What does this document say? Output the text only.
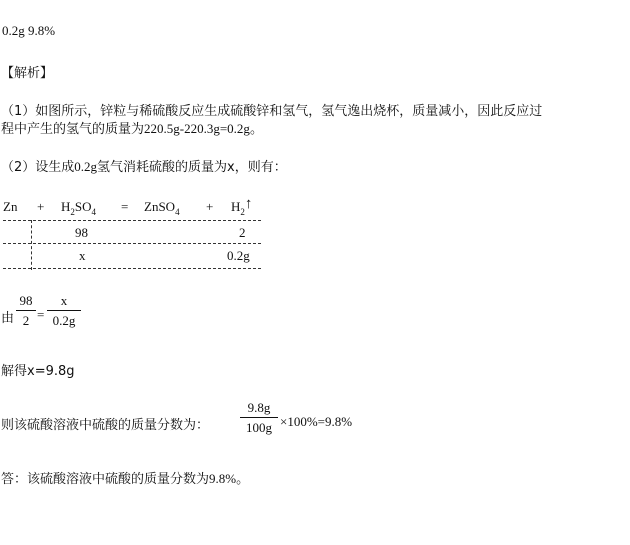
0.2g 9.8%
【解析】
（1）如图所示，锌粒与稀硫酸反应生成硫酸锌和氢气，氢气逸出烧杯，质量减小，因此反应过
程中产生的氢气的质量为220.5g-220.3g=0.2g。
（2）设生成0.2g氢气消耗硫酸的质量为x，则有：
$Zn + H_2SO_4$ = ZnSO$_4$ + $H_2↑$
98	2
x	0.2g
由
98
2 =
x
0.2g
解得x=9.8g
则该硫酸溶液中硫酸的质量分数为：
9.8g
100g ×100%=9.8%
答：该硫酸溶液中硫酸的质量分数为9.8%。
